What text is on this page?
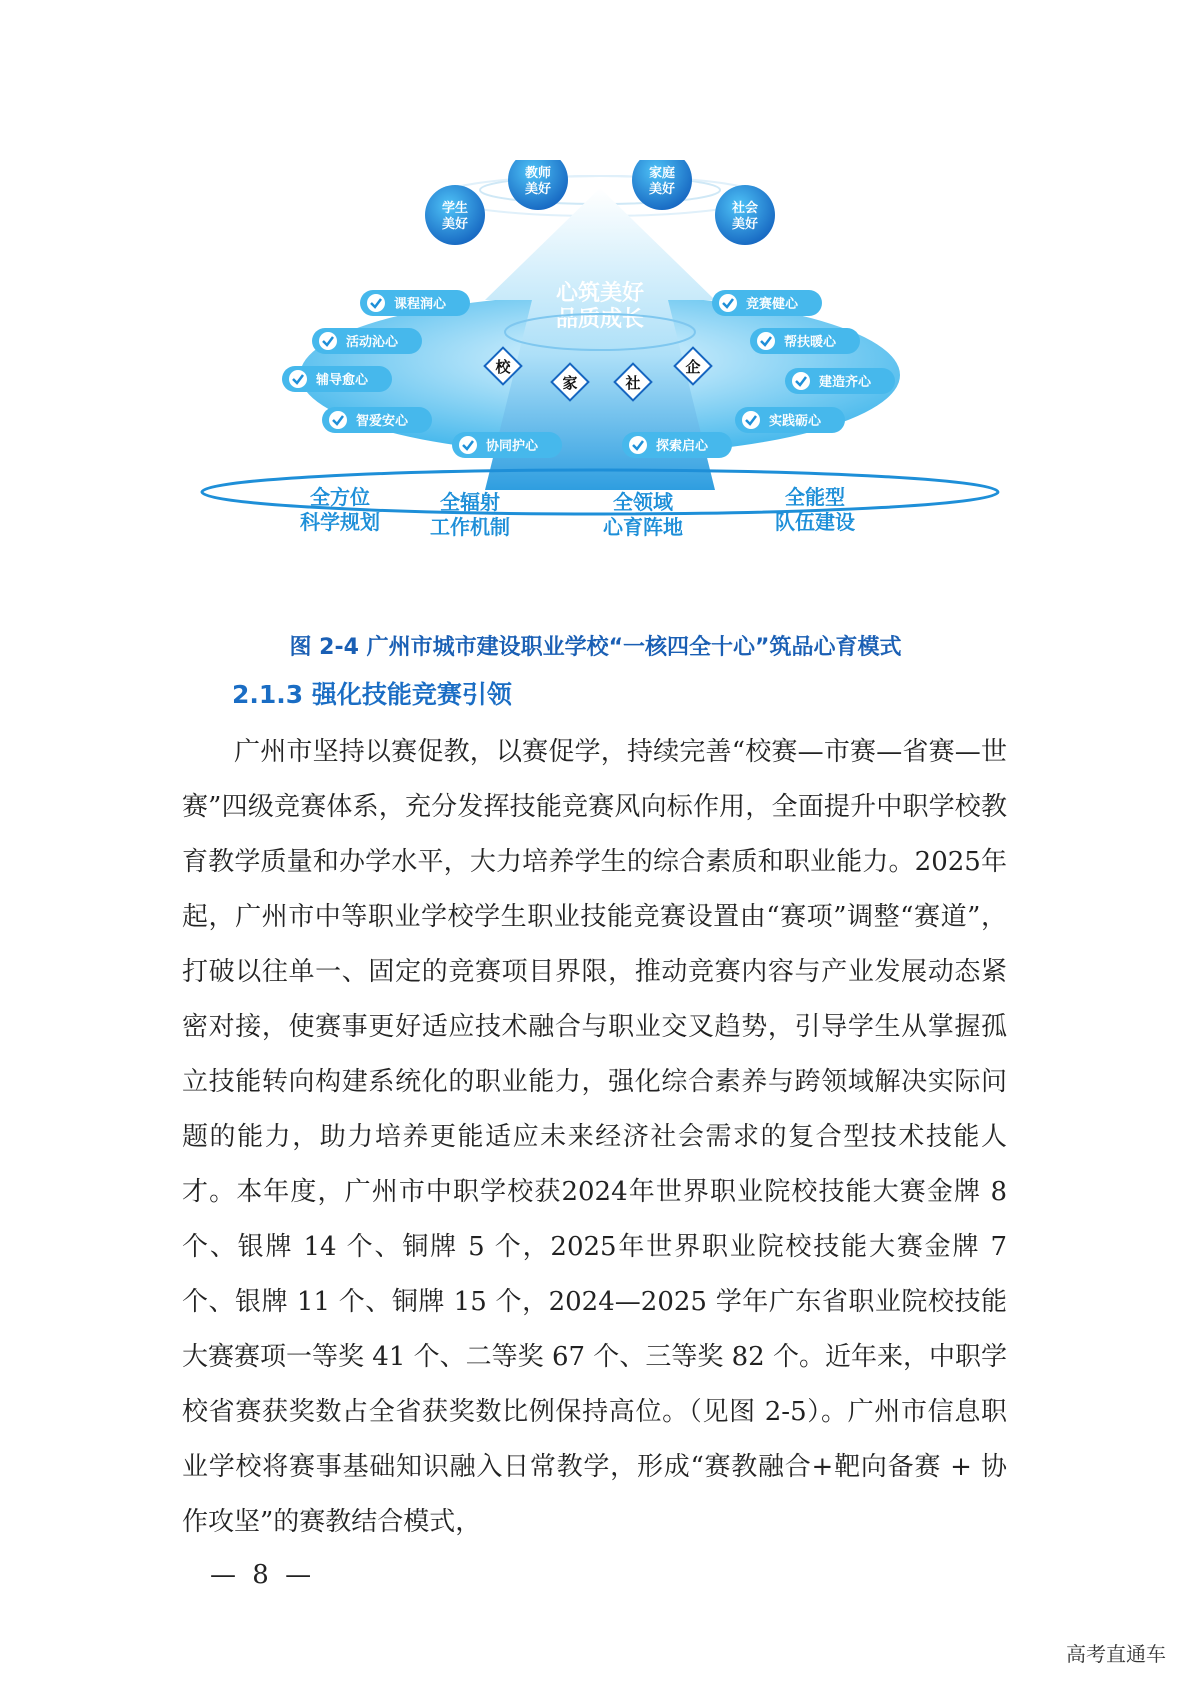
心筑美好
品质成长
学生
美好
教师
美好
家庭
美好
社会
美好
校
家	社
企
课程润心
活动沁心
辅导愈心
智爱安心
协同护心
竞赛健心
帮扶暖心
建造齐心
实践砺心
探索启心
全方位
科学规划
全辐射
工作机制
全领域
心育阵地
全能型
队伍建设
图 2-4 广州市城市建设职业学校“一核四全十心”筑品心育模式
2.1.3 强化技能竞赛引领

广州市坚持以赛促教，以赛促学，持续完善“校赛—市赛—省赛—世赛”四级竞赛体系，充分发挥技能竞赛风向标作用，全面提升中职学校教育教学质量和办学水平，大力培养学生的综合素质和职业能力。2025年起，广州市中等职业学校学生职业技能竞赛设置由“赛项”调整“赛道”，打破以往单一、固定的竞赛项目界限，推动竞赛内容与产业发展动态紧密对接，使赛事更好适应技术融合与职业交叉趋势，引导学生从掌握孤立技能转向构建系统化的职业能力，强化综合素养与跨领域解决实际问题的能力，助力培养更能适应未来经济社会需求的复合型技术技能人才。本年度，广州市中职学校获2024年世界职业院校技能大赛金牌 8 个、银牌 14 个、铜牌 5 个，2025年世界职业院校技能大赛金牌 7 个、银牌 11 个、铜牌 15 个，2024—2025 学年广东省职业院校技能大赛赛项一等奖 41 个、二等奖 67 个、三等奖 82 个。近年来，中职学校省赛获奖数占全省获奖数比例保持高位。（见图 2-5）。广州市信息职业学校将赛事基础知识融入日常教学，形成“赛教融合+靶向备赛 + 协作攻坚”的赛教结合模式，

— 8 —
高考直通车
